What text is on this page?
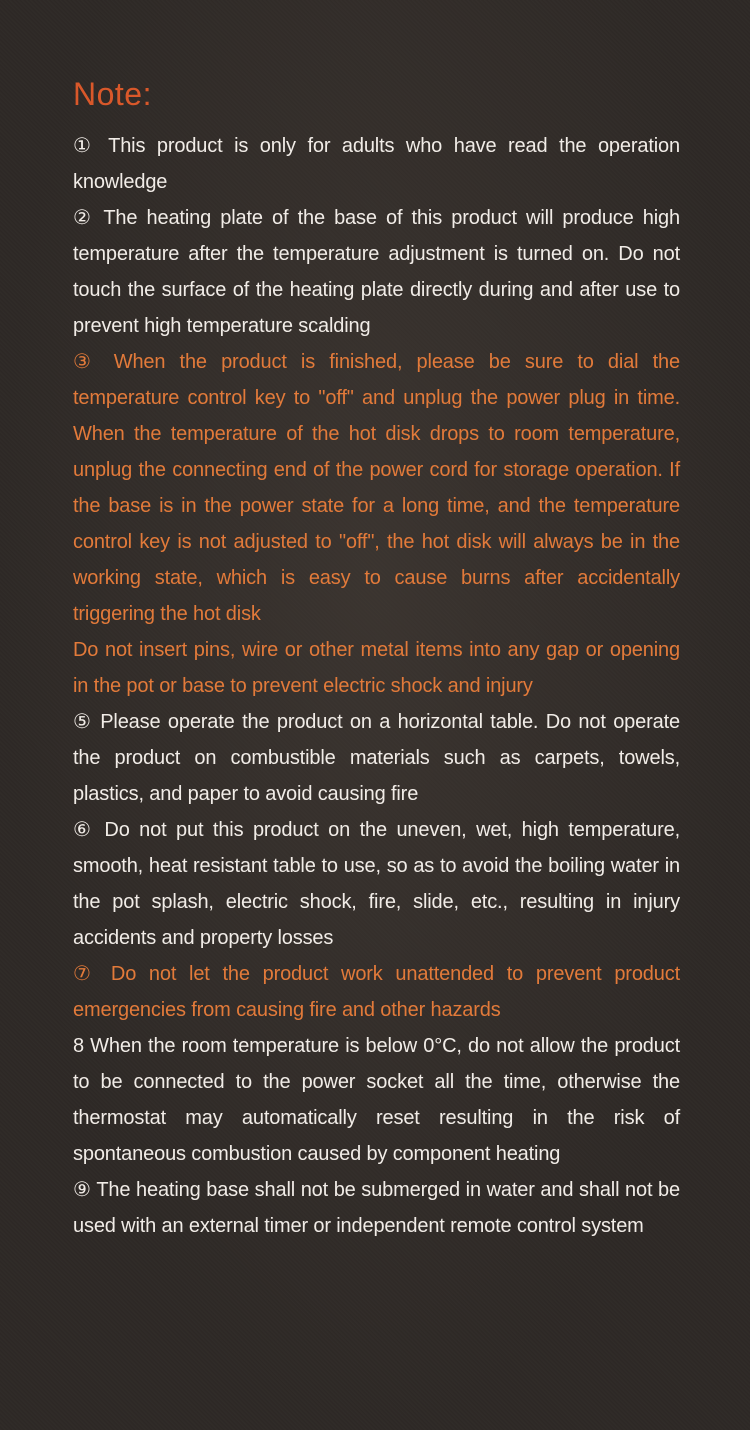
Note:

① This product is only for adults who have read the operation knowledge

② The heating plate of the base of this product will produce high temperature after the temperature adjustment is turned on. Do not touch the surface of the heating plate directly during and after use to prevent high temperature scalding

③ When the product is finished, please be sure to dial the temperature control key to "off" and unplug the power plug in time. When the temperature of the hot disk drops to room temperature, unplug the connecting end of the power cord for storage operation. If the base is in the power state for a long time, and the temperature control key is not adjusted to "off", the hot disk will always be in the working state, which is easy to cause burns after accidentally triggering the hot disk

Do not insert pins, wire or other metal items into any gap or opening in the pot or base to prevent electric shock and injury

⑤ Please operate the product on a horizontal table. Do not operate the product on combustible materials such as carpets, towels, plastics, and paper to avoid causing fire

⑥ Do not put this product on the uneven, wet, high temperature, smooth, heat resistant table to use, so as to avoid the boiling water in the pot splash, electric shock, fire, slide, etc., resulting in injury accidents and property losses

⑦ Do not let the product work unattended to prevent product emergencies from causing fire and other hazards

8 When the room temperature is below 0°C, do not allow the product to be connected to the power socket all the time, otherwise the thermostat may automatically reset resulting in the risk of spontaneous combustion caused by component heating

⑨ The heating base shall not be submerged in water and shall not be used with an external timer or independent remote control system
